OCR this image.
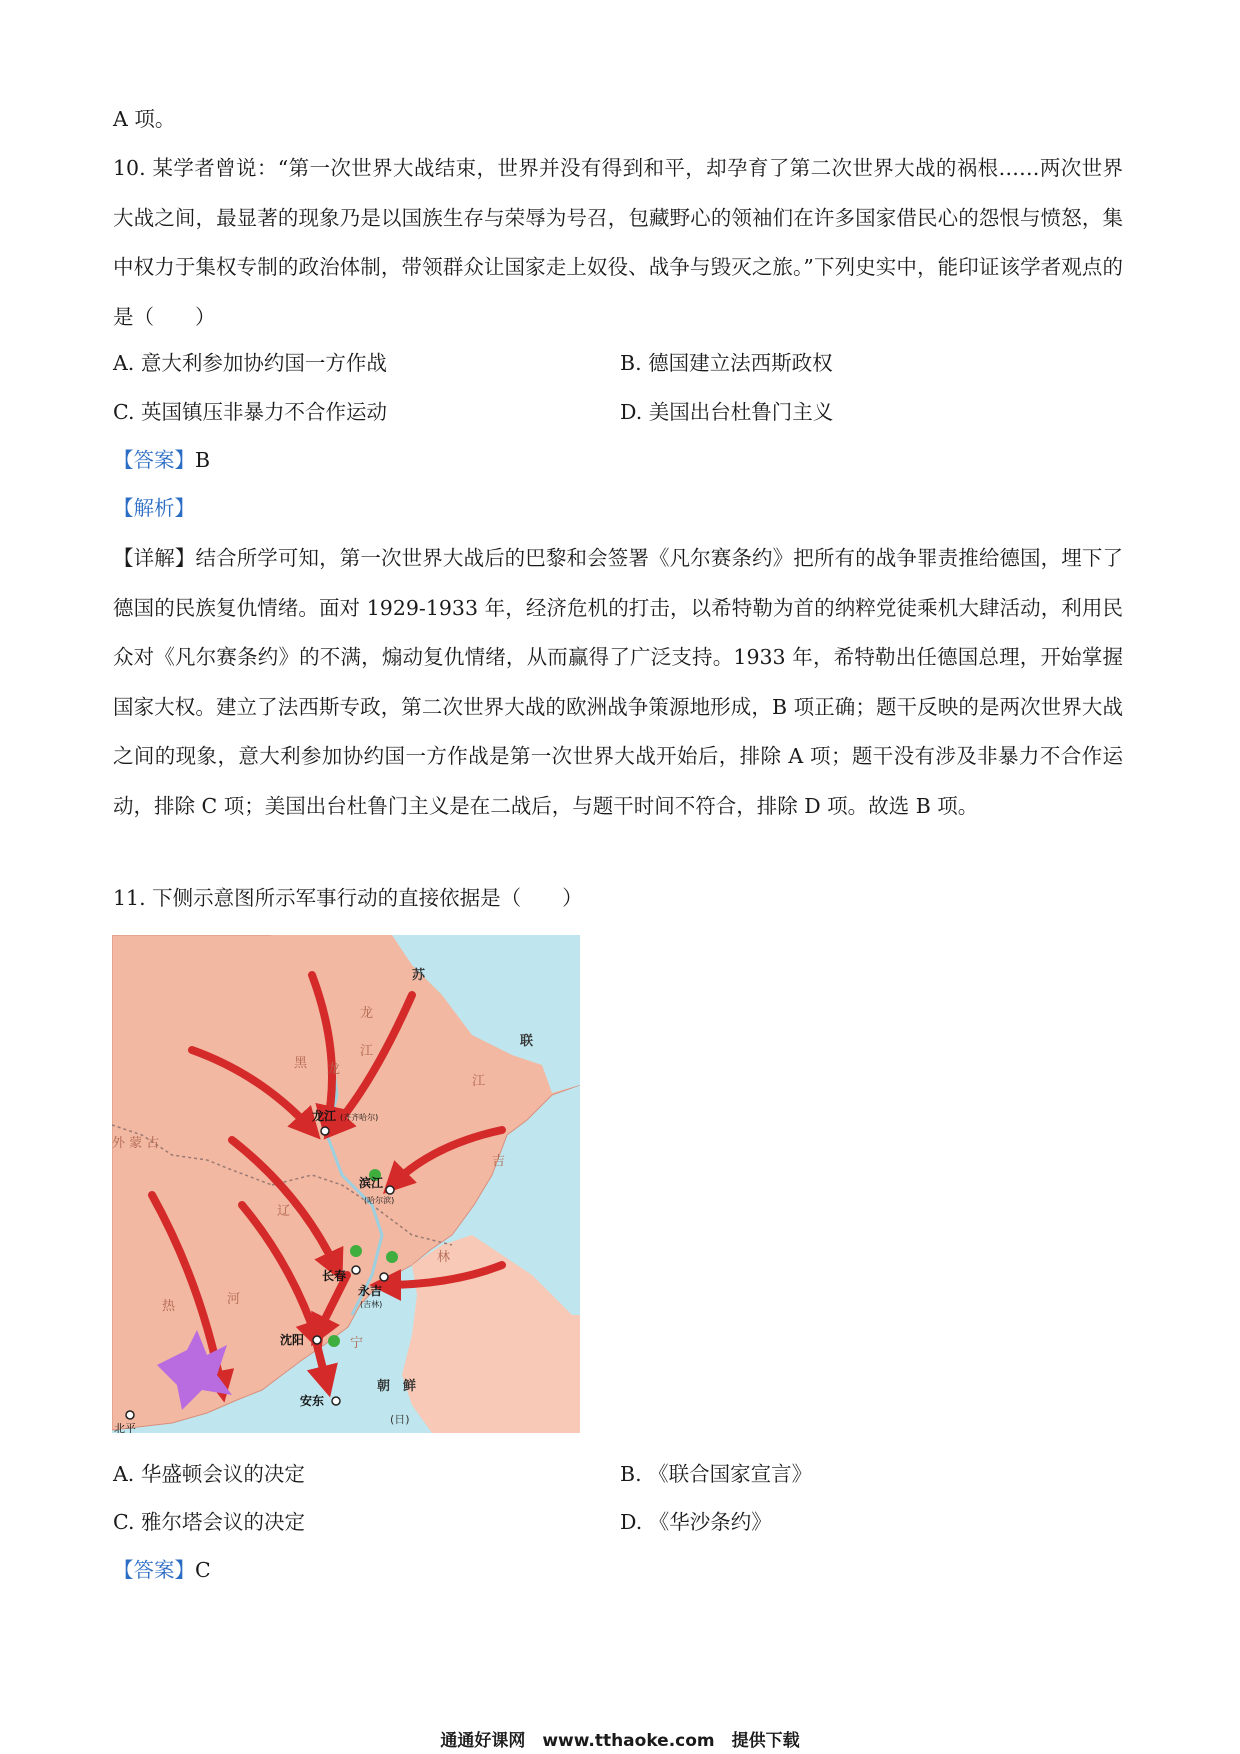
A 项。
10. 某学者曾说：“第一次世界大战结束，世界并没有得到和平，却孕育了第二次世界大战的祸根……两次世界大战之间，最显著的现象乃是以国族生存与荣辱为号召，包藏野心的领袖们在许多国家借民心的怨恨与愤怒，集中权力于集权专制的政治体制，带领群众让国家走上奴役、战争与毁灭之旅。”下列史实中，能印证该学者观点的是（　　）
A. 意大利参加协约国一方作战	B. 德国建立法西斯政权
C. 英国镇压非暴力不合作运动	D. 美国出台杜鲁门主义
【答案】B
【解析】
【详解】结合所学可知，第一次世界大战后的巴黎和会签署《凡尔赛条约》把所有的战争罪责推给德国，埋下了德国的民族复仇情绪。面对 1929-1933 年，经济危机的打击，以希特勒为首的纳粹党徒乘机大肆活动，利用民众对《凡尔赛条约》的不满，煽动复仇情绪，从而赢得了广泛支持。1933 年，希特勒出任德国总理，开始掌握国家大权。建立了法西斯专政，第二次世界大战的欧洲战争策源地形成，B 项正确；题干反映的是两次世界大战之间的现象，意大利参加协约国一方作战是第一次世界大战开始后，排除 A 项；题干没有涉及非暴力不合作运动，排除 C 项；美国出台杜鲁门主义是在二战后，与题干时间不符合，排除 D 项。故选 B 项。
11. 下侧示意图所示军事行动的直接依据是（　　）
苏
联
黑 龙
江
龙
江
外 蒙 古
吉
林
辽
宁
热	河
朝　鲜
(日)
龙江 (齐齐哈尔)
滨江
(哈尔滨)
长春
永吉
(吉林)
沈阳
安东
北平
A. 华盛顿会议的决定	B. 《联合国家宣言》
C. 雅尔塔会议的决定	D. 《华沙条约》
【答案】C
通通好课网　www.tthaoke.com　提供下载
